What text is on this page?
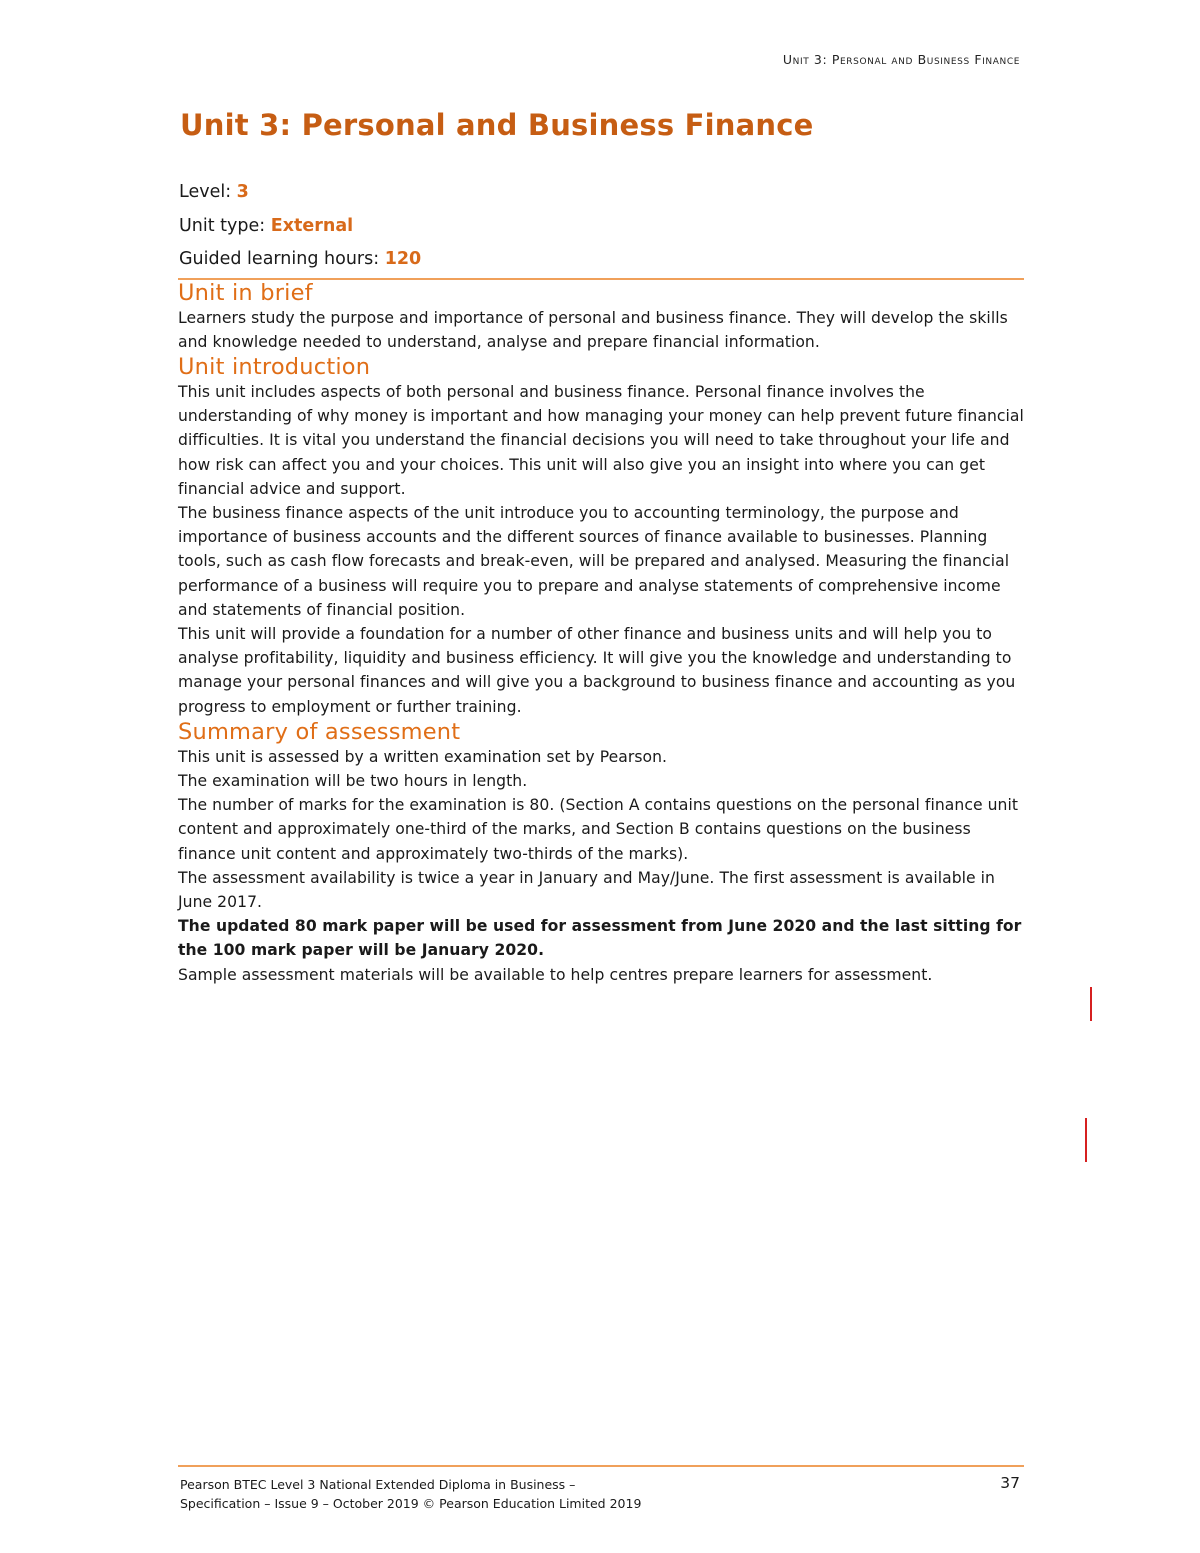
Unit 3: Personal and Business Finance
Unit 3: Personal and Business Finance
Level: 3
Unit type: External
Guided learning hours: 120
Unit in brief

Learners study the purpose and importance of personal and business finance. They will develop the skills and knowledge needed to understand, analyse and prepare financial information.

Unit introduction

This unit includes aspects of both personal and business finance. Personal finance involves the understanding of why money is important and how managing your money can help prevent future financial difficulties. It is vital you understand the financial decisions you will need to take throughout your life and how risk can affect you and your choices. This unit will also give you an insight into where you can get financial advice and support.

The business finance aspects of the unit introduce you to accounting terminology, the purpose and importance of business accounts and the different sources of finance available to businesses. Planning tools, such as cash flow forecasts and break-even, will be prepared and analysed. Measuring the financial performance of a business will require you to prepare and analyse statements of comprehensive income and statements of financial position.

This unit will provide a foundation for a number of other finance and business units and will help you to analyse profitability, liquidity and business efficiency. It will give you the knowledge and understanding to manage your personal finances and will give you a background to business finance and accounting as you progress to employment or further training.

Summary of assessment

This unit is assessed by a written examination set by Pearson.

The examination will be two hours in length.

The number of marks for the examination is 80. (Section A contains questions on the personal finance unit content and approximately one-third of the marks, and Section B contains questions on the business finance unit content and approximately two-thirds of the marks).

The assessment availability is twice a year in January and May/June. The first assessment is available in June 2017.

The updated 80 mark paper will be used for assessment from June 2020 and the last sitting for the 100 mark paper will be January 2020.

Sample assessment materials will be available to help centres prepare learners for assessment.

Pearson BTEC Level 3 National Extended Diploma in Business –
Specification – Issue 9 – October 2019 © Pearson Education Limited 2019
37
